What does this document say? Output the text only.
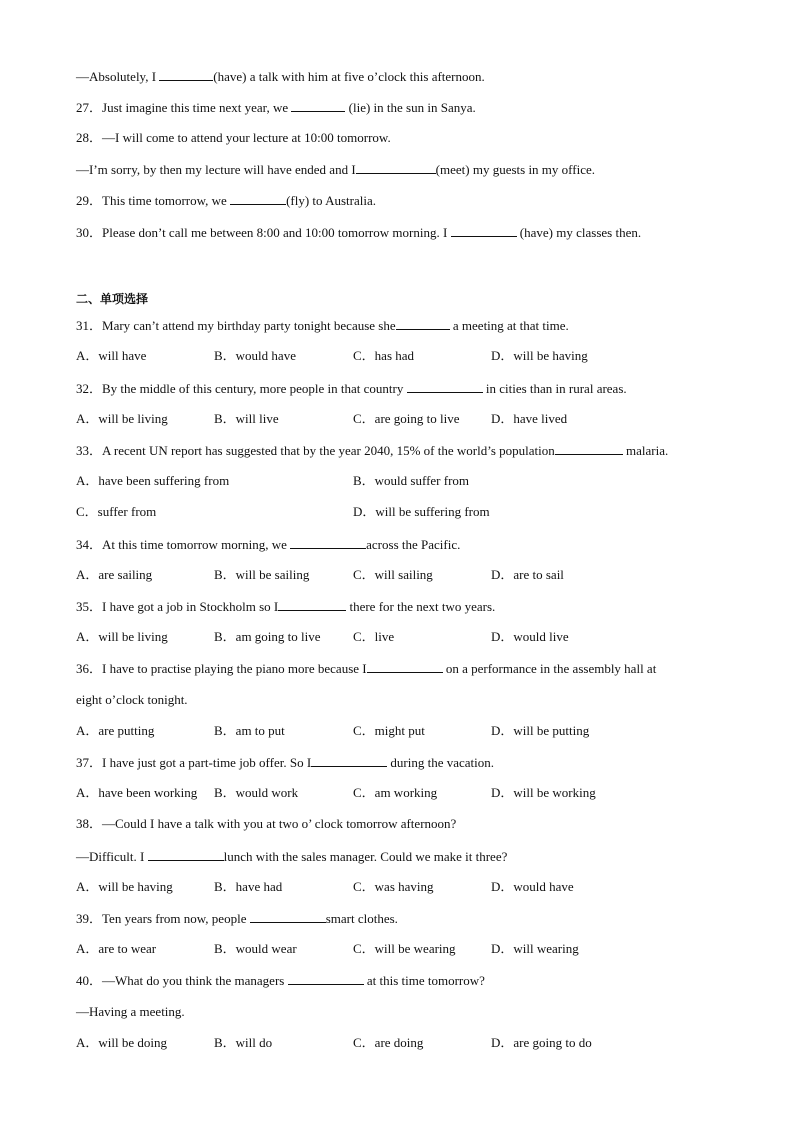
—Absolutely, I	(have) a talk with him at five o’clock this afternoon.
27．Just imagine this time next year, we	(lie) in the sun in Sanya.
28．—I will come to attend your lecture at 10:00 tomorrow.
—I’m sorry, by then my lecture will have ended and I	(meet) my guests in my office.
29．This time tomorrow, we	(fly) to Australia.
30．Please don’t call me between 8:00 and 10:00 tomorrow morning. I	(have) my classes then.
二、单项选择
31．Mary can’t attend my birthday party tonight because she	a meeting at that time.
A．will have	B．would have	C．has had	D．will be having
32．By the middle of this century, more people in that country	in cities than in rural areas.
A．will be living	B．will live	C．are going to live D．have lived
33．A recent UN report has suggested that by the year 2040, 15% of the world’s population	malaria.
A．have been suffering from	B．would suffer from
C．suffer from	D．will be suffering from
34．At this time tomorrow morning, we	across the Pacific.
A．are sailing	B．will be sailing	C．will sailing	D．are to sail
35．I have got a job in Stockholm so I	there for the next two years.
A．will be living	B．am going to live C．live	D．would live
36．I have to practise playing the piano more because I	on a performance in the assembly hall at
eight o’clock tonight.
A．are putting	B．am to put	C．might put	D．will be putting
37．I have just got a part-time job offer. So I	during the vacation.
A．have been working B．would work	C．am working	D．will be working
38．—Could I have a talk with you at two o’ clock tomorrow afternoon?
—Difficult. I	lunch with the sales manager. Could we make it three?
A．will be having	B．have had	C．was having	D．would have
39．Ten years from now, people	smart clothes.
A．are to wear	B．would wear	C．will be wearing	D．will wearing
40．—What do you think the managers	at this time tomorrow?
—Having a meeting.
A．will be doing	B．will do	C．are doing	D．are going to do
